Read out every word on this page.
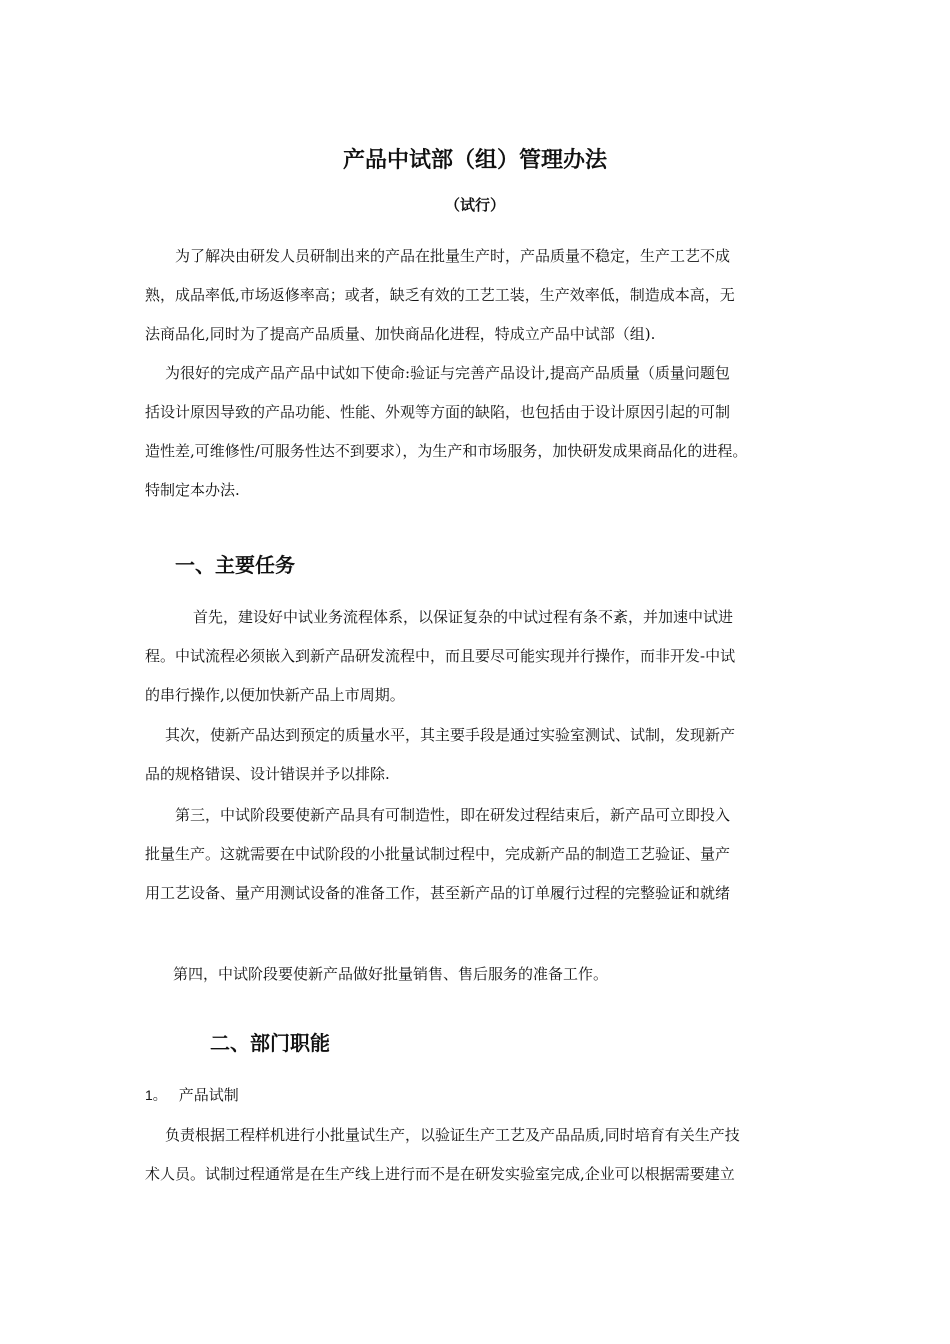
产品中试部（组）管理办法
（试行）
为了解决由研发人员研制出来的产品在批量生产时，产品质量不稳定，生产工艺不成
熟，成品率低,市场返修率高；或者，缺乏有效的工艺工装，生产效率低，制造成本高，无
法商品化,同时为了提高产品质量、加快商品化进程，特成立产品中试部（组).
为很好的完成产品产品中试如下使命:验证与完善产品设计,提高产品质量（质量问题包
括设计原因导致的产品功能、性能、外观等方面的缺陷，也包括由于设计原因引起的可制
造性差,可维修性/可服务性达不到要求），为生产和市场服务，加快研发成果商品化的进程。
特制定本办法.
一、主要任务
首先，建设好中试业务流程体系，以保证复杂的中试过程有条不紊，并加速中试进
程。中试流程必须嵌入到新产品研发流程中，而且要尽可能实现并行操作，而非开发-中试
的串行操作,以便加快新产品上市周期。
其次，使新产品达到预定的质量水平，其主要手段是通过实验室测试、试制，发现新产
品的规格错误、设计错误并予以排除.
第三，中试阶段要使新产品具有可制造性，即在研发过程结束后，新产品可立即投入
批量生产。这就需要在中试阶段的小批量试制过程中，完成新产品的制造工艺验证、量产
用工艺设备、量产用测试设备的准备工作，甚至新产品的订单履行过程的完整验证和就绪
第四，中试阶段要使新产品做好批量销售、售后服务的准备工作。
二、部门职能
1。 产品试制
负责根据工程样机进行小批量试生产，以验证生产工艺及产品品质,同时培育有关生产技
术人员。试制过程通常是在生产线上进行而不是在研发实验室完成,企业可以根据需要建立
